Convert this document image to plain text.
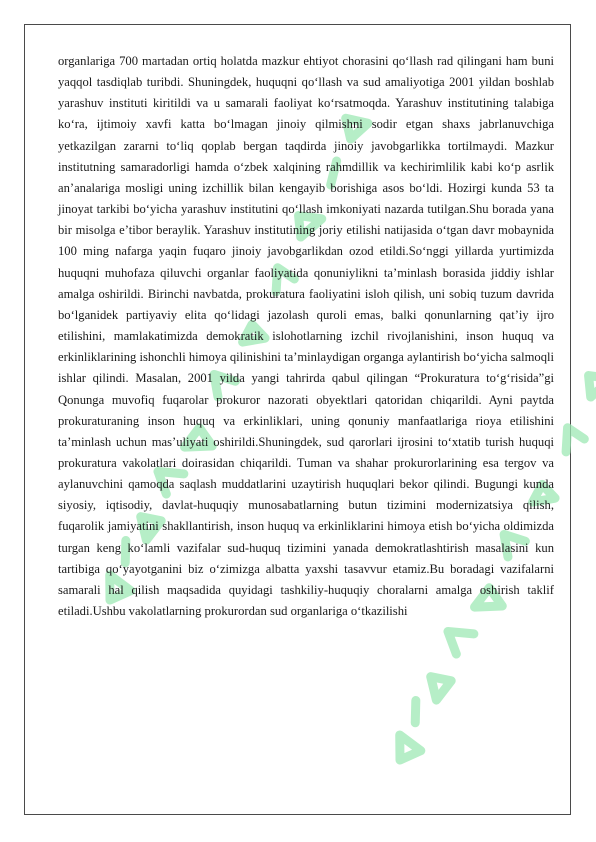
organlariga 700 martadan ortiq holatda mazkur ehtiyot chorasini qo‘llash rad qilingani ham buni yaqqol tasdiqlab turibdi. Shuningdek, huquqni qo‘llash va sud amaliyotiga 2001 yildan boshlab yarashuv instituti kiritildi va u samarali faoliyat ko‘rsatmoqda. Yarashuv institutining talabiga ko‘ra, ijtimoiy xavfi katta bo‘lmagan jinoiy qilmishni sodir etgan shaxs jabrlanuvchiga yetkazilgan zararni to‘liq qoplab bergan taqdirda jinoiy javobgarlikka tortilmaydi. Mazkur institutning samaradorligi hamda o‘zbek xalqining rahmdillik va kechirimlilik kabi ko‘p asrlik an’analariga mosligi uning izchillik bilan kengayib borishiga asos bo‘ldi. Hozirgi kunda 53 ta jinoyat tarkibi bo‘yicha yarashuv institutini qo‘llash imkoniyati nazarda tutilgan.Shu borada yana bir misolga e’tibor beraylik. Yarashuv institutining joriy etilishi natijasida o‘tgan davr mobaynida 100 ming nafarga yaqin fuqaro jinoiy javobgarlikdan ozod etildi.So‘nggi yillarda yurtimizda huquqni muhofaza qiluvchi organlar faoliyatida qonuniylikni ta’minlash borasida jiddiy ishlar amalga oshirildi. Birinchi navbatda, prokuratura faoliyatini isloh qilish, uni sobiq tuzum davrida bo‘lganidek partiyaviy elita qo‘lidagi jazolash quroli emas, balki qonunlarning qat’iy ijro etilishini, mamlakatimizda demokratik islohotlarning izchil rivojlanishini, inson huquq va erkinliklarining ishonchli himoya qilinishini ta’minlaydigan organga aylantirish bo‘yicha salmoqli ishlar qilindi. Masalan, 2001 yilda yangi tahrirda qabul qilingan “Prokuratura to‘g‘risida”gi Qonunga muvofiq fuqarolar prokuror nazorati obyektlari qatoridan chiqarildi. Ayni paytda prokuraturaning inson huquq va erkinliklari, uning qonuniy manfaatlariga rioya etilishini ta’minlash uchun mas’uliyati oshirildi.Shuningdek, sud qarorlari ijrosini to‘xtatib turish huquqi prokuratura vakolatlari doirasidan chiqarildi. Tuman va shahar prokurorlarining esa tergov va aylanuvchini qamoqda saqlash muddatlarini uzaytirish huquqlari bekor qilindi. Bugungi kunda siyosiy, iqtisodiy, davlat-huquqiy munosabatlarning butun tizimini modernizatsiya qilish, fuqarolik jamiyatini shakllantirish, inson huquq va erkinliklarini himoya etish bo‘yicha oldimizda turgan keng ko‘lamli vazifalar sud-huquq tizimini yanada demokratlashtirish masalasini kun tartibiga qo‘yayotganini biz o‘zimizga albatta yaxshi tasavvur etamiz.Bu boradagi vazifalarni samarali hal qilish maqsadida quyidagi tashkiliy-huquqiy choralarni amalga oshirish taklif etiladi.Ushbu vakolatlarning prokurordan sud organlariga o‘tkazilishi
